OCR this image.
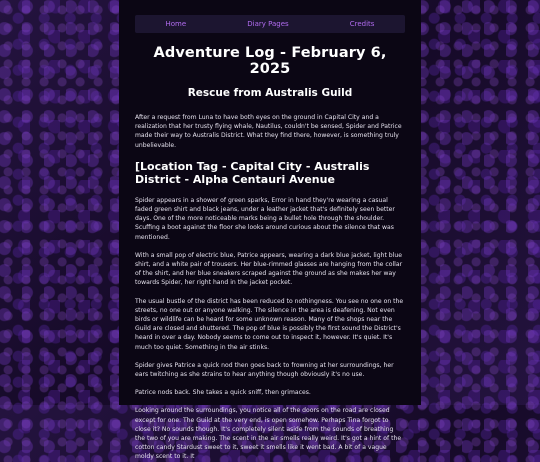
Home	Diary Pages	Credits
Adventure Log - February 6, 2025
Rescue from Australis Guild

After a request from Luna to have both eyes on the ground in Capital City and a realization that her trusty flying whale, Nautilus, couldn't be sensed, Spider and Patrice made their way to Australis District. What they find there, however, is something truly unbelievable.

[Location Tag - Capital City - Australis District - Alpha Centauri Avenue

Spider appears in a shower of green sparks, Error in hand they're wearing a casual faded green shirt and black jeans, under a leather jacket that's definitely seen better days. One of the more noticeable marks being a bullet hole through the shoulder. Scuffing a boot against the floor she looks around curious about the silence that was mentioned.

With a small pop of electric blue, Patrice appears, wearing a dark blue jacket, light blue shirt, and a white pair of trousers. Her blue-rimmed glasses are hanging from the collar of the shirt, and her blue sneakers scraped against the ground as she makes her way towards Spider, her right hand in the jacket pocket.

The usual bustle of the district has been reduced to nothingness. You see no one on the streets, no one out or anyone walking. The silence in the area is deafening. Not even birds or wildlife can be heard for some unknown reason. Many of the shops near the Guild are closed and shuttered. The pop of blue is possibly the first sound the District's heard in over a day. Nobody seems to come out to inspect it, however. It's quiet. It's much too quiet. Something in the air stinks.

Spider gives Patrice a quick nod then goes back to frowning at her surroundings, her ears twitching as she strains to hear anything though obviously it's no use.

Patrice nods back. She takes a quick sniff, then grimaces.

Looking around the surroundings, you notice all of the doors on the road are closed except for one. The Guild at the very end, is open somehow. Perhaps Tina forgot to close it? No sounds though. It's completely silent aside from the sounds of breathing the two of you are making. The scent in the air smells really weird. It's got a hint of the cotton candy Stardust sweet to it, sweet it smells like it went bad. A bit of a vague moldy scent to it. It
